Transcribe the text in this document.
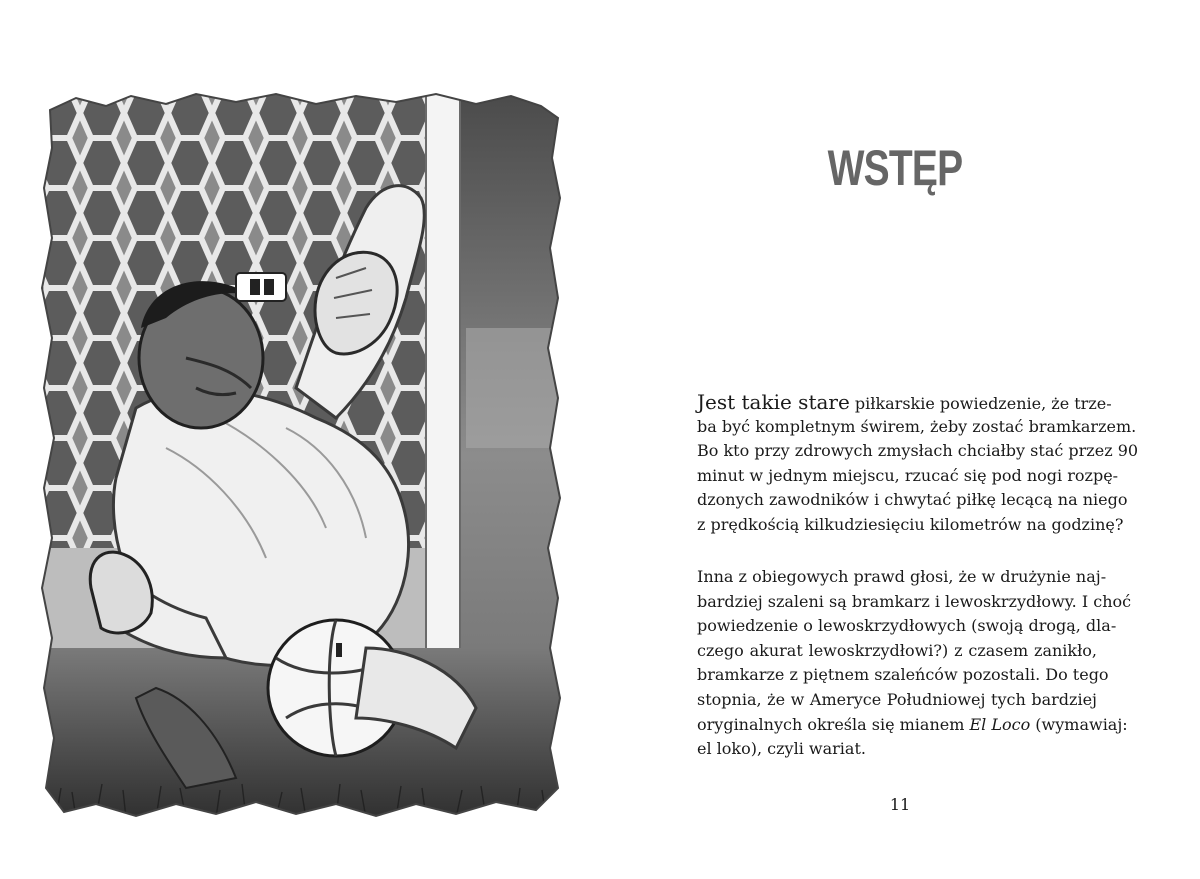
WSTĘP
Jest takie stare piłkarskie powiedzenie, że trze-
ba być kompletnym świrem, żeby zostać bramkarzem.
Bo kto przy zdrowych zmysłach chciałby stać przez 90
minut w jednym miejscu, rzucać się pod nogi rozpę-
dzonych zawodników i chwytać piłkę lecącą na niego
z prędkością kilkudziesięciu kilometrów na godzinę?
Inna z obiegowych prawd głosi, że w drużynie naj-
bardziej szaleni są bramkarz i lewoskrzydłowy. I choć
powiedzenie o lewoskrzydłowych (swoją drogą, dla-
czego akurat lewoskrzydłowi?) z czasem zanikło,
bramkarze z piętnem szaleńców pozostali. Do tego
stopnia, że w Ameryce Południowej tych bardziej
oryginalnych określa się mianem El Loco (wymawiaj:
el loko), czyli wariat.
11
